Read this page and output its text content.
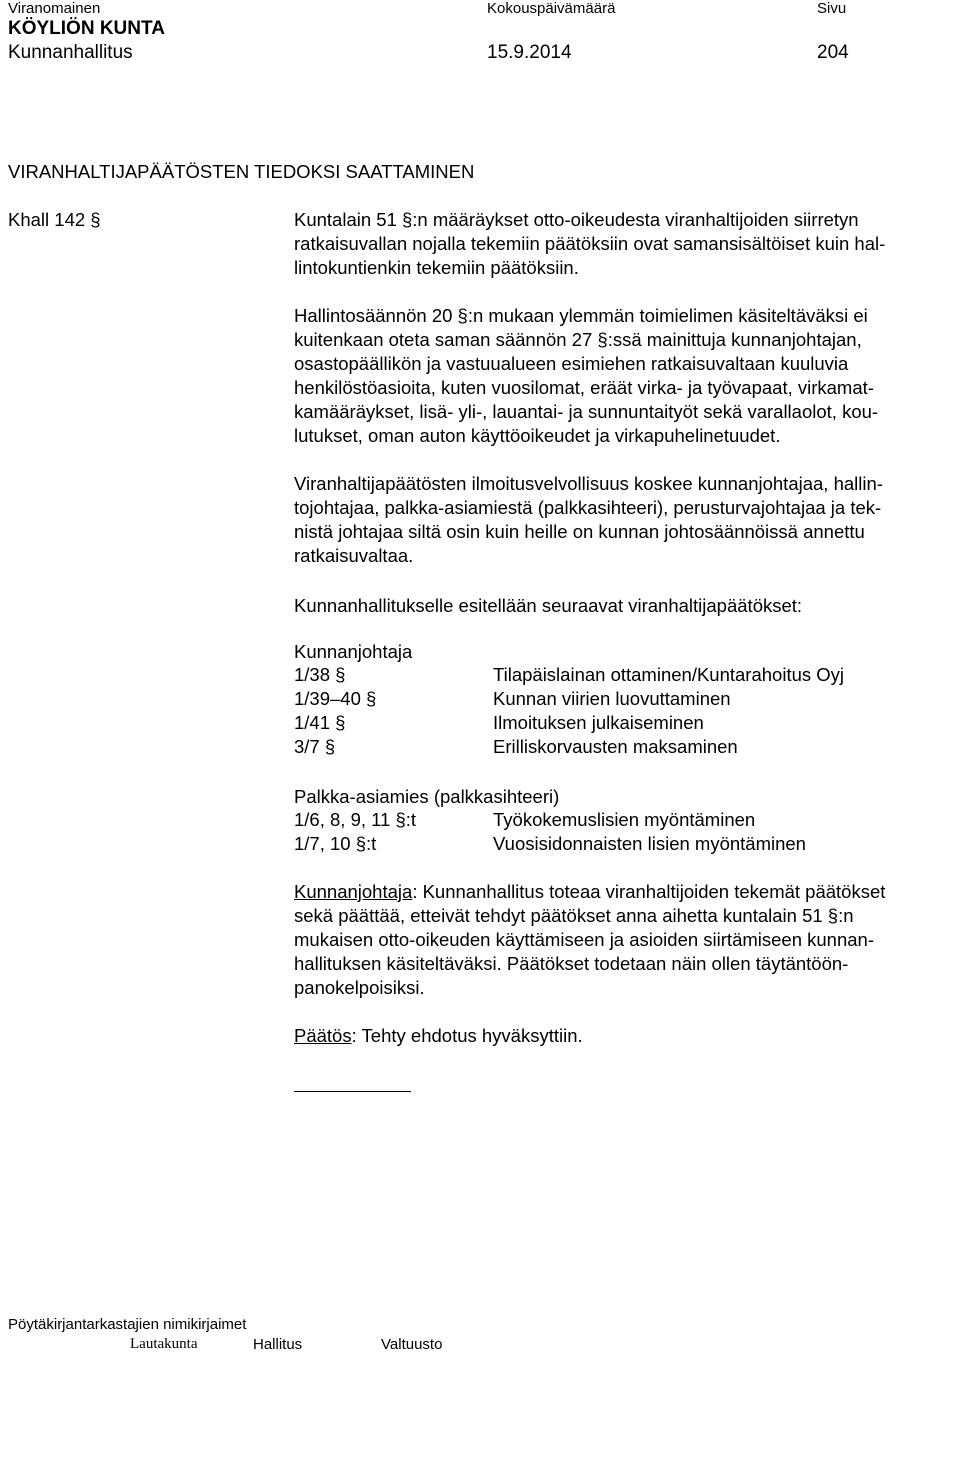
Viranomainen	Kokouspäivämäärä	Sivu
KÖYLIÖN KUNTA
Kunnanhallitus	15.9.2014	204
VIRANHALTIJAPÄÄTÖSTEN TIEDOKSI SAATTAMINEN
Khall 142 §	Kuntalain 51 §:n määräykset otto-oikeudesta viranhaltijoiden siirretyn
ratkaisuvallan nojalla tekemiin päätöksiin ovat samansisältöiset kuin hal-
lintokuntienkin tekemiin päätöksiin.
Hallintosäännön 20 §:n mukaan ylemmän toimielimen käsiteltäväksi ei
kuitenkaan oteta saman säännön 27 §:ssä mainittuja kunnanjohtajan,
osastopäällikön ja vastuualueen esimiehen ratkaisuvaltaan kuuluvia
henkilöstöasioita, kuten vuosilomat, eräät virka- ja työvapaat, virkamat-
kamääräykset, lisä- yli-, lauantai- ja sunnuntaityöt sekä varallaolot, kou-
lutukset, oman auton käyttöoikeudet ja virkapuhelinetuudet.
Viranhaltijapäätösten ilmoitusvelvollisuus koskee kunnanjohtajaa, hallin-
tojohtajaa, palkka-asiamiestä (palkkasihteeri), perusturvajohtajaa ja tek-
nistä johtajaa siltä osin kuin heille on kunnan johtosäännöissä annettu
ratkaisuvaltaa.
Kunnanhallitukselle esitellään seuraavat viranhaltijapäätökset:
Kunnanjohtaja
1/38 §	Tilapäislainan ottaminen/Kuntarahoitus Oyj
1/39–40 §	Kunnan viirien luovuttaminen
1/41 §	Ilmoituksen julkaiseminen
3/7 §	Erilliskorvausten maksaminen
Palkka-asiamies (palkkasihteeri)
1/6, 8, 9, 11 §:t	Työkokemuslisien myöntäminen
1/7, 10 §:t	Vuosisidonnaisten lisien myöntäminen
Kunnanjohtaja: Kunnanhallitus toteaa viranhaltijoiden tekemät päätökset
sekä päättää, etteivät tehdyt päätökset anna aihetta kuntalain 51 §:n
mukaisen otto-oikeuden käyttämiseen ja asioiden siirtämiseen kunnan-
hallituksen käsiteltäväksi. Päätökset todetaan näin ollen täytäntöön-
panokelpoisiksi.
Päätös: Tehty ehdotus hyväksyttiin.
Pöytäkirjantarkastajien nimikirjaimet
Lautakunta	Hallitus	Valtuusto
